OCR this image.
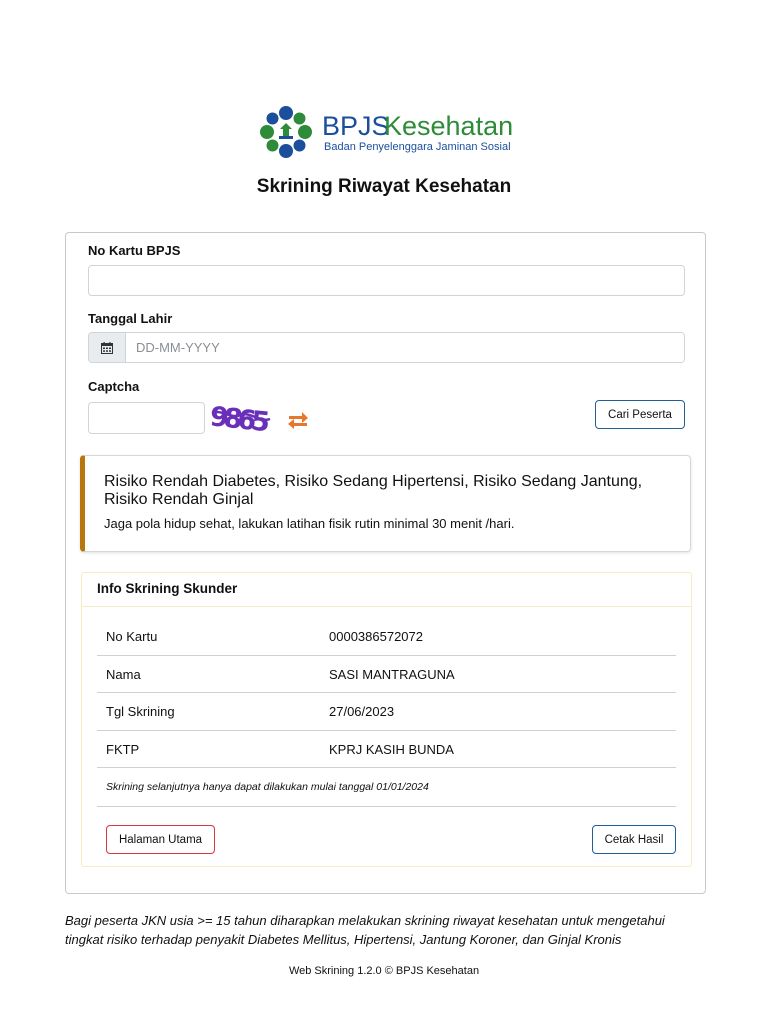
BPJS
Kesehatan
Badan Penyelenggara Jaminan Sosial
Skrining Riwayat Kesehatan
No Kartu BPJS
Tanggal Lahir
DD-MM-YYYY
Captcha
9865	Cari Peserta
Risiko Rendah Diabetes, Risiko Sedang Hipertensi, Risiko Sedang Jantung, Risiko Rendah Ginjal
Jaga pola hidup sehat, lakukan latihan fisik rutin minimal 30 menit /hari.
Info Skrining Skunder
No Kartu	0000386572072
Nama	SASI MANTRAGUNA
Tgl Skrining	27/06/2023
FKTP	KPRJ KASIH BUNDA
Skrining selanjutnya hanya dapat dilakukan mulai tanggal 01/01/2024
Halaman Utama	Cetak Hasil
Bagi peserta JKN usia >= 15 tahun diharapkan melakukan skrining riwayat kesehatan untuk mengetahui tingkat risiko terhadap penyakit Diabetes Mellitus, Hipertensi, Jantung Koroner, dan Ginjal Kronis
Web Skrining 1.2.0 © BPJS Kesehatan
